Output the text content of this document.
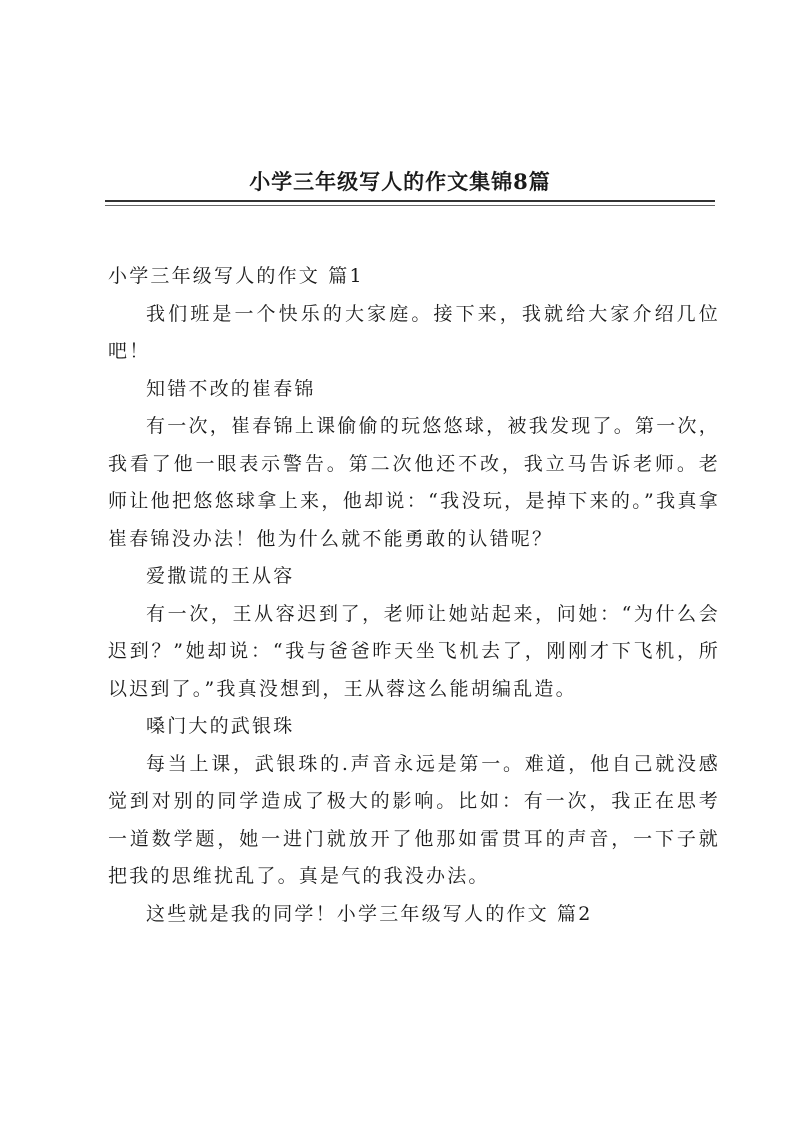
小学三年级写人的作文集锦8篇

小学三年级写人的作文 篇1

我们班是一个快乐的大家庭。接下来，我就给大家介绍几位吧！

知错不改的崔春锦

有一次，崔春锦上课偷偷的玩悠悠球，被我发现了。第一次，我看了他一眼表示警告。第二次他还不改，我立马告诉老师。老师让他把悠悠球拿上来，他却说：“我没玩，是掉下来的。”我真拿崔春锦没办法！他为什么就不能勇敢的认错呢？

爱撒谎的王从容

有一次，王从容迟到了，老师让她站起来，问她：“为什么会迟到？”她却说：“我与爸爸昨天坐飞机去了，刚刚才下飞机，所以迟到了。”我真没想到，王从蓉这么能胡编乱造。

嗓门大的武银珠

每当上课，武银珠的.声音永远是第一。难道，他自己就没感觉到对别的同学造成了极大的影响。比如：有一次，我正在思考一道数学题，她一进门就放开了他那如雷贯耳的声音，一下子就把我的思维扰乱了。真是气的我没办法。

这些就是我的同学！小学三年级写人的作文 篇2
